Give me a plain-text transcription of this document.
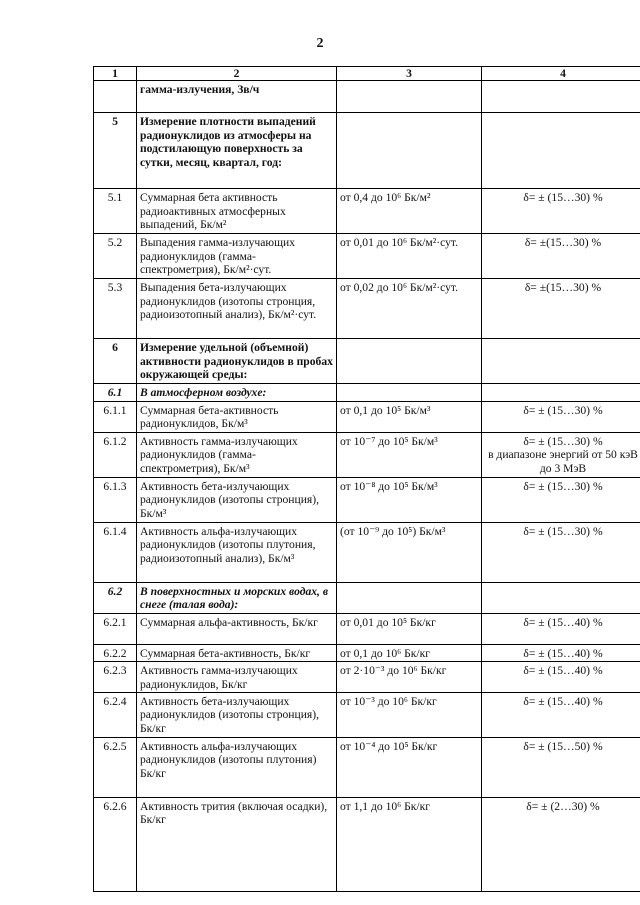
2
1	2	3	4
	гамма-излучения, Зв/ч		
5	Измерение плотности выпадений радионуклидов из атмосферы на подстилающую поверхность за сутки, месяц, квартал, год:		
5.1	Суммарная бета активность радиоактивных атмосферных выпадений, Бк/м²	от 0,4 до 10⁶ Бк/м²	δ= ± (15…30) %
5.2	Выпадения гамма-излучающих радионуклидов (гамма-спектрометрия), Бк/м²·сут.	от 0,01 до 10⁶ Бк/м²·сут.	δ= ±(15…30) %
5.3	Выпадения бета-излучающих радионуклидов (изотопы стронция, радиоизотопный анализ), Бк/м²·сут.	от 0,02 до 10⁶ Бк/м²·сут.	δ= ±(15…30) %
6	Измерение удельной (объемной) активности радионуклидов в пробах окружающей среды:		
6.1	В атмосферном воздухе:		
6.1.1	Суммарная бета-активность радионуклидов, Бк/м³	от 0,1 до 10⁵ Бк/м³	δ= ± (15…30) %
6.1.2	Активность гамма-излучающих радионуклидов (гамма-спектрометрия), Бк/м³	от 10⁻⁷ до 10⁵ Бк/м³	δ= ± (15…30) %
в диапазоне энергий от 50 кэВ до 3 МэВ
6.1.3	Активность бета-излучающих радионуклидов (изотопы стронция), Бк/м³	от 10⁻⁸ до 10⁵ Бк/м³	δ= ± (15…30) %
6.1.4	Активность альфа-излучающих радионуклидов (изотопы плутония, радиоизотопный анализ), Бк/м³	(от 10⁻⁹ до 10⁵) Бк/м³	δ= ± (15…30) %
6.2	В поверхностных и морских водах, в снеге (талая вода):		
6.2.1	Суммарная альфа-активность, Бк/кг	от 0,01 до 10⁵ Бк/кг	δ= ± (15…40) %
6.2.2	Суммарная бета-активность, Бк/кг	от 0,1 до 10⁶ Бк/кг	δ= ± (15…40) %
6.2.3	Активность гамма-излучающих радионуклидов, Бк/кг	от 2·10⁻³ до 10⁶ Бк/кг	δ= ± (15…40) %
6.2.4	Активность бета-излучающих радионуклидов (изотопы стронция), Бк/кг	от 10⁻³ до 10⁶ Бк/кг	δ= ± (15…40) %
6.2.5	Активность альфа-излучающих радионуклидов (изотопы плутония) Бк/кг	от 10⁻⁴ до 10⁵ Бк/кг	δ= ± (15…50) %
6.2.6	Активность трития (включая осадки), Бк/кг	от 1,1 до 10⁶ Бк/кг	δ= ± (2…30) %
